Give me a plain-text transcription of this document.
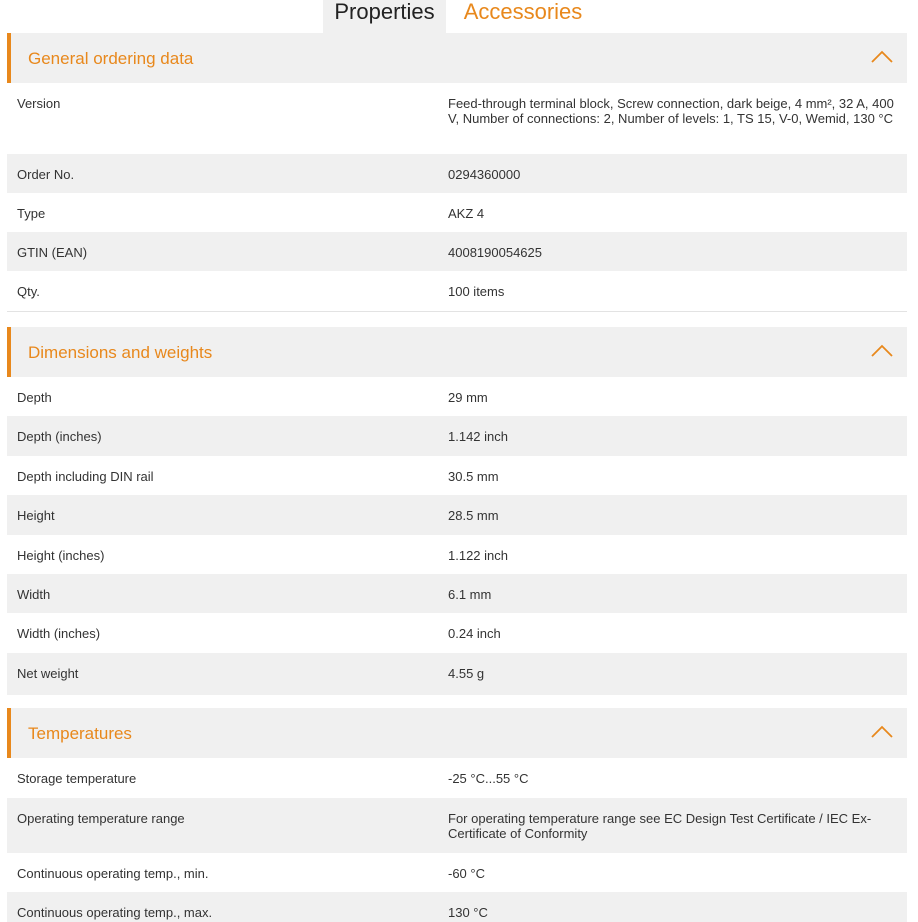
Properties	Accessories
General ordering data
Version	Feed-through terminal block, Screw connection, dark beige, 4 mm², 32 A, 400 V, Number of connections: 2, Number of levels: 1, TS 15, V-0, Wemid, 130 °C
Order No.	0294360000
Type	AKZ 4
GTIN (EAN)	4008190054625
Qty.	100 items
Dimensions and weights
Depth	29 mm
Depth (inches)	1.142 inch
Depth including DIN rail	30.5 mm
Height	28.5 mm
Height (inches)	1.122 inch
Width	6.1 mm
Width (inches)	0.24 inch
Net weight	4.55 g
Temperatures
Storage temperature	-25 °C...55 °C
Operating temperature range	For operating temperature range see EC Design Test Certificate / IEC Ex-Certificate of Conformity
Continuous operating temp., min.	-60 °C
Continuous operating temp., max.	130 °C
